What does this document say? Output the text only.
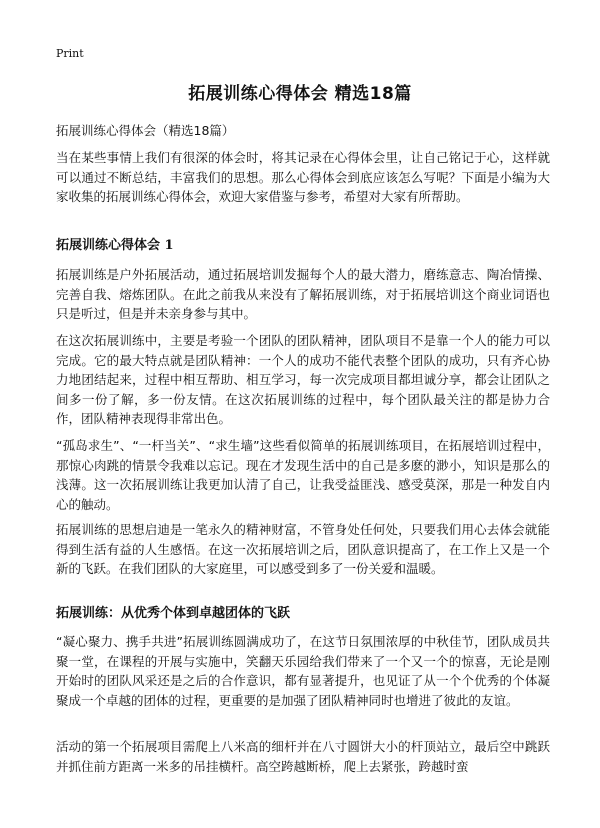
Print
拓展训练心得体会 精选18篇
拓展训练心得体会（精选18篇）

当在某些事情上我们有很深的体会时，将其记录在心得体会里，让自己铭记于心，这样就可以通过不断总结，丰富我们的思想。那么心得体会到底应该怎么写呢？下面是小编为大家收集的拓展训练心得体会，欢迎大家借鉴与参考，希望对大家有所帮助。

拓展训练心得体会 1

拓展训练是户外拓展活动，通过拓展培训发掘每个人的最大潜力，磨练意志、陶冶情操、完善自我、熔炼团队。在此之前我从来没有了解拓展训练，对于拓展培训这个商业词语也只是听过，但是并未亲身参与其中。

在这次拓展训练中，主要是考验一个团队的团队精神，团队项目不是靠一个人的能力可以完成。它的最大特点就是团队精神：一个人的成功不能代表整个团队的成功，只有齐心协力地团结起来，过程中相互帮助、相互学习，每一次完成项目都坦诚分享，都会让团队之间多一份了解，多一份友情。在这次拓展训练的过程中，每个团队最关注的都是协力合作，团队精神表现得非常出色。

“孤岛求生”、“一杆当关”、“求生墙”这些看似简单的拓展训练项目，在拓展培训过程中，那惊心肉跳的情景令我难以忘记。现在才发现生活中的自己是多麽的渺小，知识是那么的浅薄。这一次拓展训练让我更加认清了自己，让我受益匪浅、感受莫深，那是一种发自内心的触动。

拓展训练的思想启迪是一笔永久的精神财富，不管身处任何处，只要我们用心去体会就能得到生活有益的人生感悟。在这一次拓展培训之后，团队意识提高了，在工作上又是一个新的飞跃。在我们团队的大家庭里，可以感受到多了一份关爱和温暖。

拓展训练：从优秀个体到卓越团体的飞跃

“凝心聚力、携手共进”拓展训练圆满成功了，在这节日氛围浓厚的中秋佳节，团队成员共聚一堂，在课程的开展与实施中，笑翻天乐园给我们带来了一个又一个的惊喜，无论是刚开始时的团队风采还是之后的合作意识，都有显著提升，也见证了从一个个优秀的个体凝聚成一个卓越的团体的过程，更重要的是加强了团队精神同时也增进了彼此的友谊。

活动的第一个拓展项目需爬上八米高的细杆并在八寸圆饼大小的杆顶站立，最后空中跳跃并抓住前方距离一米多的吊挂横杆。高空跨越断桥，爬上去紧张，跨越时蛮
